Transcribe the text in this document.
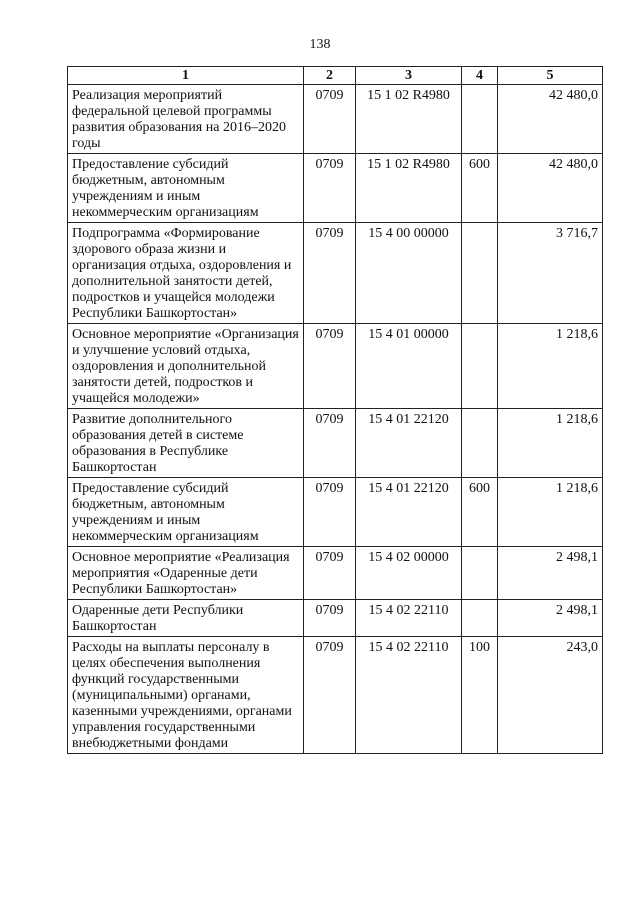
138
1	2	3	4	5
Реализация мероприятий федеральной целевой программы развития образования на 2016–2020 годы	0709	15 1 02 R4980		42 480,0
Предоставление субсидий бюджетным, автономным учреждениям и иным некоммерческим организациям	0709	15 1 02 R4980	600	42 480,0
Подпрограмма «Формирование здорового образа жизни и организация отдыха, оздоровления и дополнительной занятости детей, подростков и учащейся молодежи Республики Башкортостан»	0709	15 4 00 00000		3 716,7
Основное мероприятие «Организация и улучшение условий отдыха, оздоровления и дополнительной занятости детей, подростков и учащейся молодежи»	0709	15 4 01 00000		1 218,6
Развитие дополнительного образования детей в системе образования в Республике Башкортостан	0709	15 4 01 22120		1 218,6
Предоставление субсидий бюджетным, автономным учреждениям и иным некоммерческим организациям	0709	15 4 01 22120	600	1 218,6
Основное мероприятие «Реализация мероприятия «Одаренные дети Республики Башкортостан»	0709	15 4 02 00000		2 498,1
Одаренные дети Республики Башкортостан	0709	15 4 02 22110		2 498,1
Расходы на выплаты персоналу в целях обеспечения выполнения функций государственными (муниципальными) органами, казенными учреждениями, органами управления государственными внебюджетными фондами	0709	15 4 02 22110	100	243,0
